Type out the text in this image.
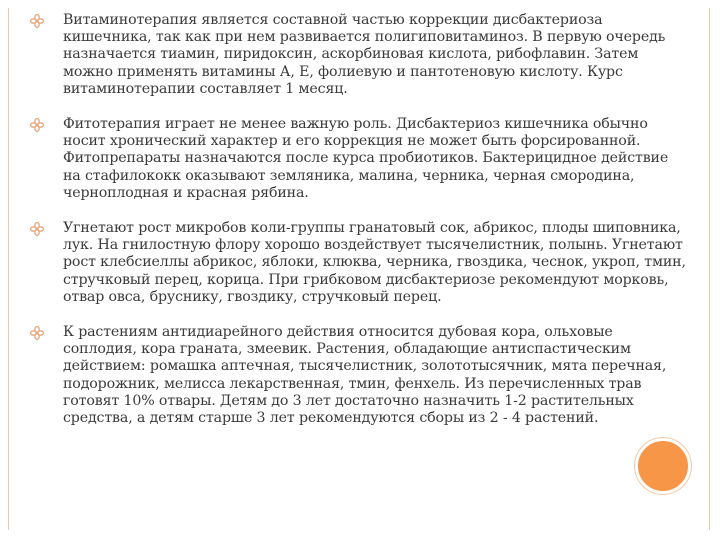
Витаминотерапия является составной частью коррекции дисбактериоза кишечника, так как при нем развивается полигиповитаминоз. В первую очередь назначается тиамин, пиридоксин, аскорбиновая кислота, рибофлавин. Затем можно применять витамины А, Е, фолиевую и пантотеновую кислоту. Курс витаминотерапии составляет 1 месяц.

Фитотерапия играет не менее важную роль. Дисбактериоз кишечника обычно носит хронический характер и его коррекция не может быть форсированной. Фитопрепараты назначаются после курса пробиотиков. Бактерицидное действие на стафилококк оказывают земляника, малина, черника, черная смородина, черноплодная и красная рябина.

Угнетают рост микробов коли-группы гранатовый сок, абрикос, плоды шиповника, лук. На гнилостную флору хорошо воздействует тысячелистник, полынь. Угнетают рост клебсиеллы абрикос, яблоки, клюква, черника, гвоздика, чеснок, укроп, тмин, стручковый перец, корица. При грибковом дисбактериозе рекомендуют морковь, отвар овса, бруснику, гвоздику, стручковый перец.

К растениям антидиарейного действия относится дубовая кора, ольховые соплодия, кора граната, змеевик. Растения, обладающие антиспастическим действием: ромашка аптечная, тысячелистник, золототысячник, мята перечная, подорожник, мелисса лекарственная, тмин, фенхель. Из перечисленных трав готовят 10% отвары. Детям до 3 лет достаточно назначить 1-2 растительных средства, а детям старше 3 лет рекомендуются сборы из 2 - 4 растений.
